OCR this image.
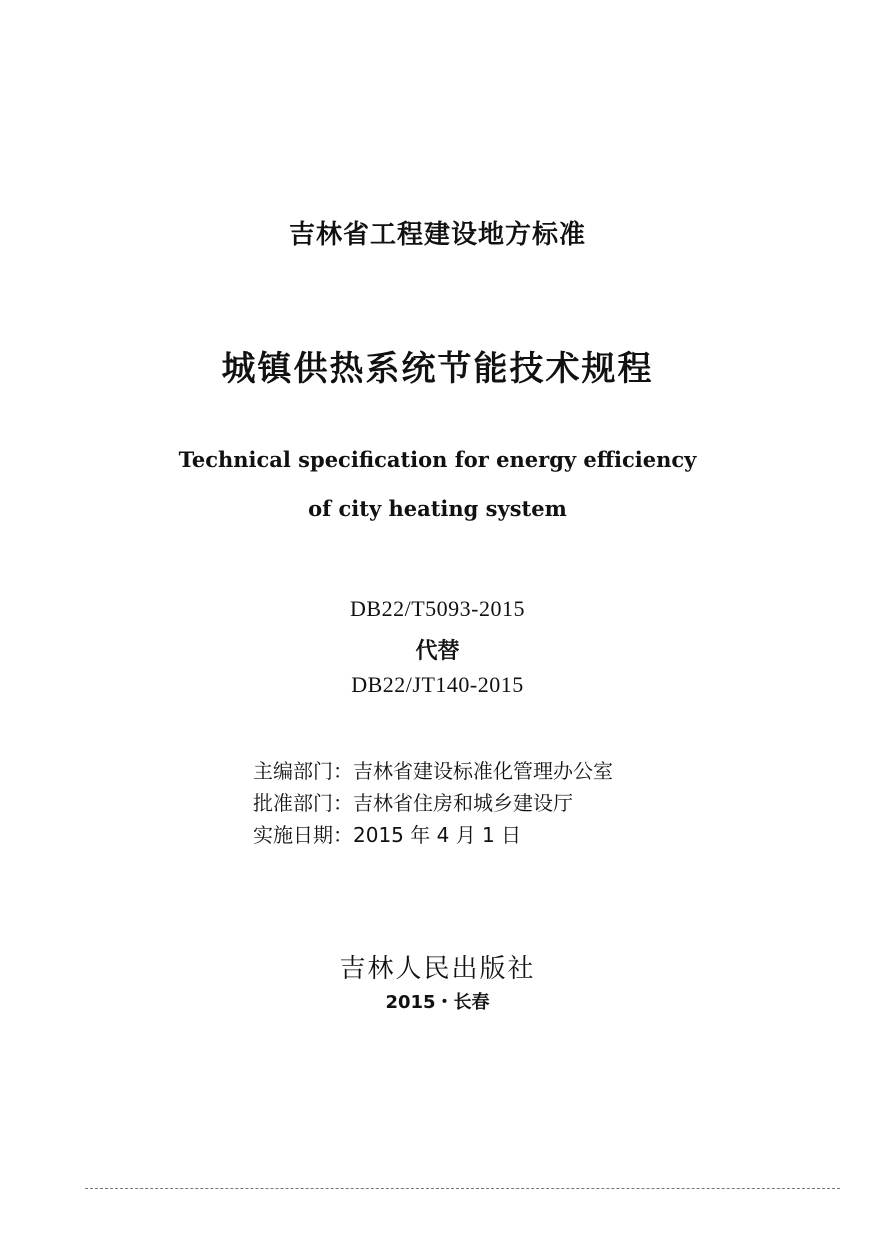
吉林省工程建设地方标准
城镇供热系统节能技术规程
Technical specification for energy efficiency
of city heating system
DB22/T5093-2015
代替
DB22/JT140-2015
主编部门：吉林省建设标准化管理办公室
批准部门：吉林省住房和城乡建设厅
实施日期：2015 年 4 月 1 日
吉林人民出版社
2015・长春
